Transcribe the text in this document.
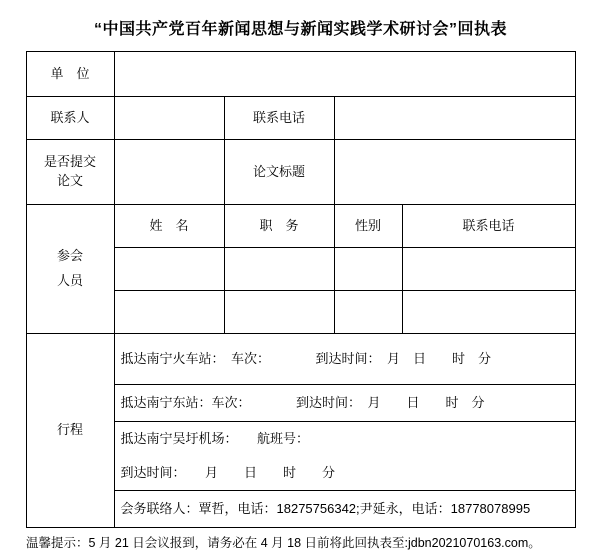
“中国共产党百年新闻思想与新闻实践学术研讨会”回执表
单　位				
联系人		联系电话		

是否提交
论文		论文标题		

参会
人员	姓　名	职　务	性别	联系电话

行程	抵达南宁火车站：　车次：　　　　到达时间：　月　日　　时　分			
	抵达南宁东站：车次：　　　　到达时间：　月　　日　　时　分			
	抵达南宁吴圩机场：　　航班号：			
	到达时间：　　月　　日　　时　　分			
	会务联络人：覃哲，电话：18275756342;尹延永，电话：18778078995			
温馨提示：5 月 21 日会议报到，请务必在 4 月 18 日前将此回执表至:jdbn2021070163.com。
